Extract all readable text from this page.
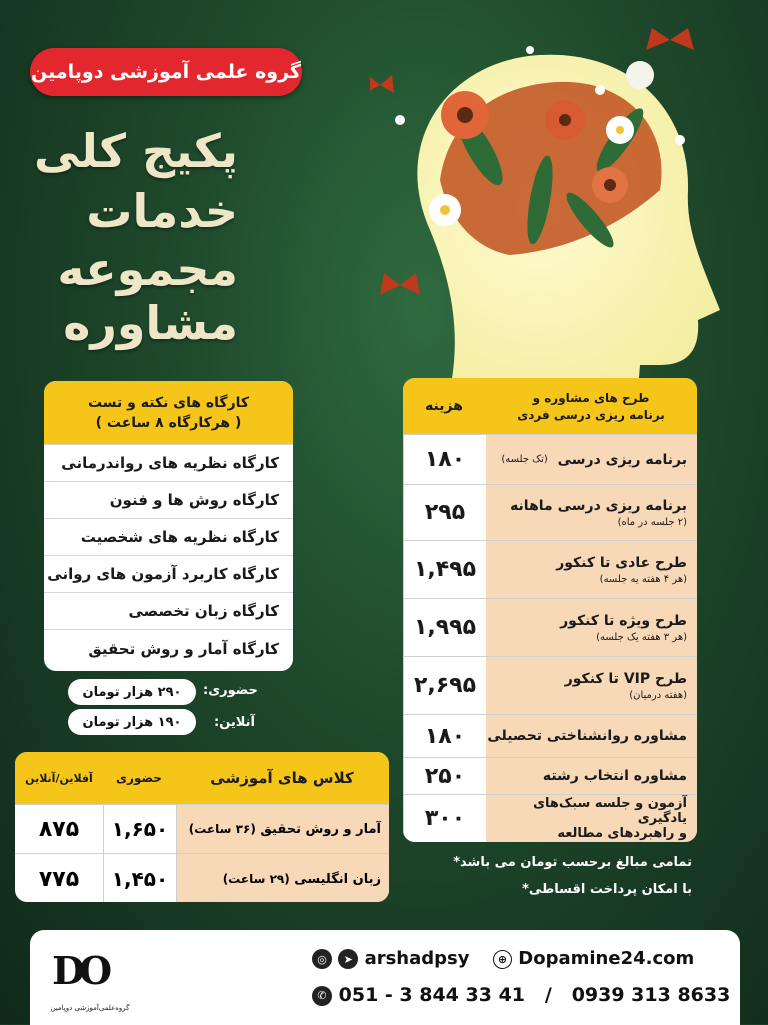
گروه علمی آموزشی دوپامین
پکیج کلی
خدمات
مجموعه
مشاوره
کارگاه های نکته و تست
( هرکارگاه ۸ ساعت )
کارگاه نظریه های رواندرمانی
کارگاه روش ها و فنون
کارگاه نظریه های شخصیت
کارگاه کاربرد آزمون های روانی
کارگاه زبان تخصصی
کارگاه آمار و روش تحقیق
حضوری:
۲۹۰ هزار تومان
آنلاین:
۱۹۰ هزار تومان
آفلاین/آنلاین	حضوری	کلاس های آموزشی
۸۷۵	۱,۶۵۰	آمار و روش تحقیق

(۳۶ ساعت)
۷۷۵	۱,۴۵۰	زبان انگلیسی

(۲۹ ساعت)
طرح های مشاوره و
برنامه ریزی درسی فردی
هزینه
برنامه ریزی درسی

(تک جلسه)
۱۸۰
برنامه ریزی درسی ماهانه
(۲ جلسه در ماه)
۲۹۵
طرح عادی تا کنکور
(هر ۴ هفته یه جلسه)
۱,۴۹۵
طرح ویژه تا کنکور
(هر ۳ هفته یک جلسه)
۱,۹۹۵
طرح VIP تا کنکور
(هفته درمیان)
۲,۶۹۵
مشاوره روانشناختی تحصیلی
۱۸۰
مشاوره انتخاب رشته
۲۵۰
آزمون و جلسه سبک‌های یادگیری
و راهبردهای مطالعه
۳۰۰
تمامی مبالغ برحسب تومان می باشد*
با امکان پرداخت اقساطی*
DO
گروه‌علمی‌آموزشی دوپامین
◎ ➤ arshadpsy	⊕ Dopamine24.com
✆ 051 - 3 844 33 41 / 0939 313 8633
